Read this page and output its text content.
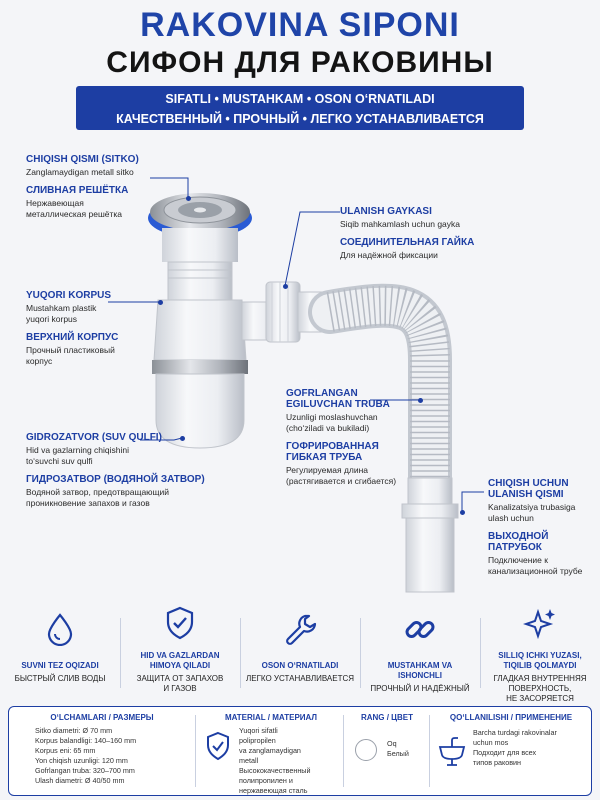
RAKOVINA SIPONI
СИФОН ДЛЯ РАКОВИНЫ
SIFATLI • MUSTAHKAM • OSON O‘RNATILADI
КАЧЕСТВЕННЫЙ • ПРОЧНЫЙ • ЛЕГКО УСТАНАВЛИВАЕТСЯ
CHIQISH QISMI (SITKO)
Zanglamaydigan metall sitko
СЛИВНАЯ РЕШЁТКА
Нержавеющая
металлическая решётка
YUQORI KORPUS
Mustahkam plastik
yuqori korpus
ВЕРХНИЙ КОРПУС
Прочный пластиковый
корпус
GIDROZATVOR (SUV QULFI)
Hid va gazlarning chiqishini
to‘suvchi suv qulfi
ГИДРОЗАТВОР (ВОДЯНОЙ ЗАТВОР)
Водяной затвор, предотвращающий
проникновение запахов и газов
ULANISH GAYKASI
Siqib mahkamlash uchun gayka
СОЕДИНИТЕЛЬНАЯ ГАЙКА
Для надёжной фиксации
GOFRLANGAN
EGILUVCHAN TRUBA
Uzunligi moslashuvchan
(cho‘ziladi va bukiladi)
ГОФРИРОВАННАЯ
ГИБКАЯ ТРУБА
Регулируемая длина
(растягивается и сгибается)	CHIQISH UCHUN
ULANISH QISMI
Kanalizatsiya trubasiga
ulash uchun
ВЫХОДНОЙ ПАТРУБОК
Подключение к
канализационной трубе
SUVNI TEZ OQIZADI
БЫСТРЫЙ СЛИВ ВОДЫ
HID VA GAZLARDAN
HIMOYA QILADI
ЗАЩИТА ОТ ЗАПАХОВ
И ГАЗОВ
OSON O‘RNATILADI
ЛЕГКО УСТАНАВЛИВАЕТСЯ
MUSTAHKAM VA ISHONCHLI
ПРОЧНЫЙ И НАДЁЖНЫЙ
SILLIQ ICHKI YUZASI,
TIQILIB QOLMAYDI
ГЛАДКАЯ ВНУТРЕННЯЯ
ПОВЕРХНОСТЬ,
НЕ ЗАСОРЯЕТСЯ
O‘LCHAMLARI / РАЗМЕРЫ
Sitko diametri: Ø 70 mm
Korpus balandligi: 140–160 mm
Korpus eni: 65 mm
Yon chiqish uzunligi: 120 mm
Gofrlangan truba: 320–700 mm
Ulash diametri: Ø 40/50 mm
MATERIAL / МАТЕРИАЛ
Yuqori sifatli
polipropilen
va zanglamaydigan
metall
Высококачественный
полипропилен и
нержавеющая сталь
RANG / ЦВЕТ
Oq
Белый
QO‘LLANILISHI / ПРИМЕНЕНИЕ
Barcha turdagi rakovinalar
uchun mos
Подходит для всех
типов раковин
